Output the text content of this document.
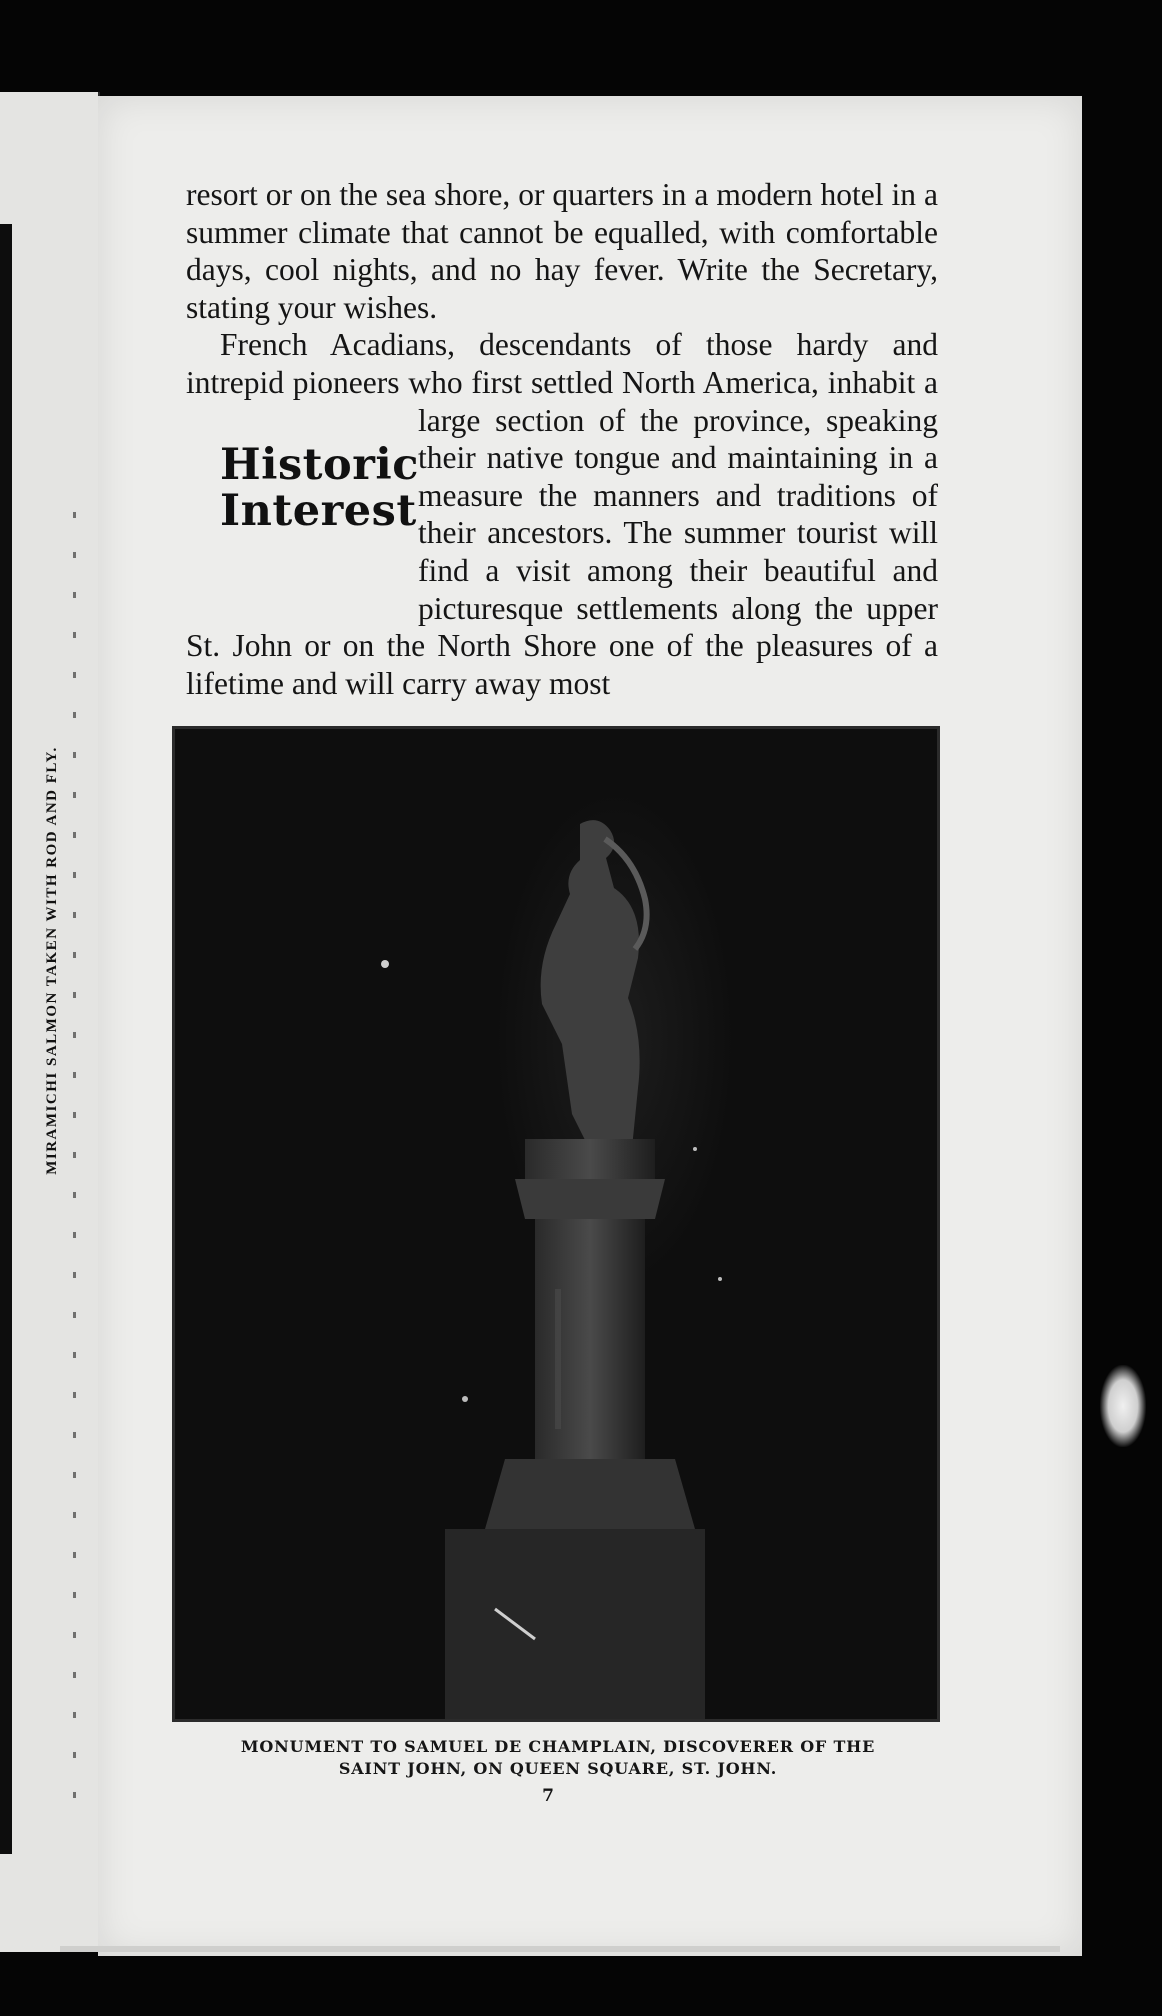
MIRAMICHI SALMON TAKEN WITH ROD AND FLY.

resort or on the sea shore, or quarters in a modern hotel in a summer climate that cannot be equalled, with comfortable days, cool nights, and no hay fever. Write the Secretary, stating your wishes.

Historic
Interest
French Acadians, descendants of those hardy and intrepid pioneers who first settled North America, inhabit a large section of the province, speaking their native tongue and maintaining in a measure the manners and traditions of their ancestors. The summer tourist will find a visit among their beautiful and picturesque settlements along the upper St. John or on the North Shore one of the pleasures of a lifetime and will carry away most

MONUMENT TO SAMUEL DE CHAMPLAIN, DISCOVERER OF THE
SAINT JOHN, ON QUEEN SQUARE, ST. JOHN.
7
